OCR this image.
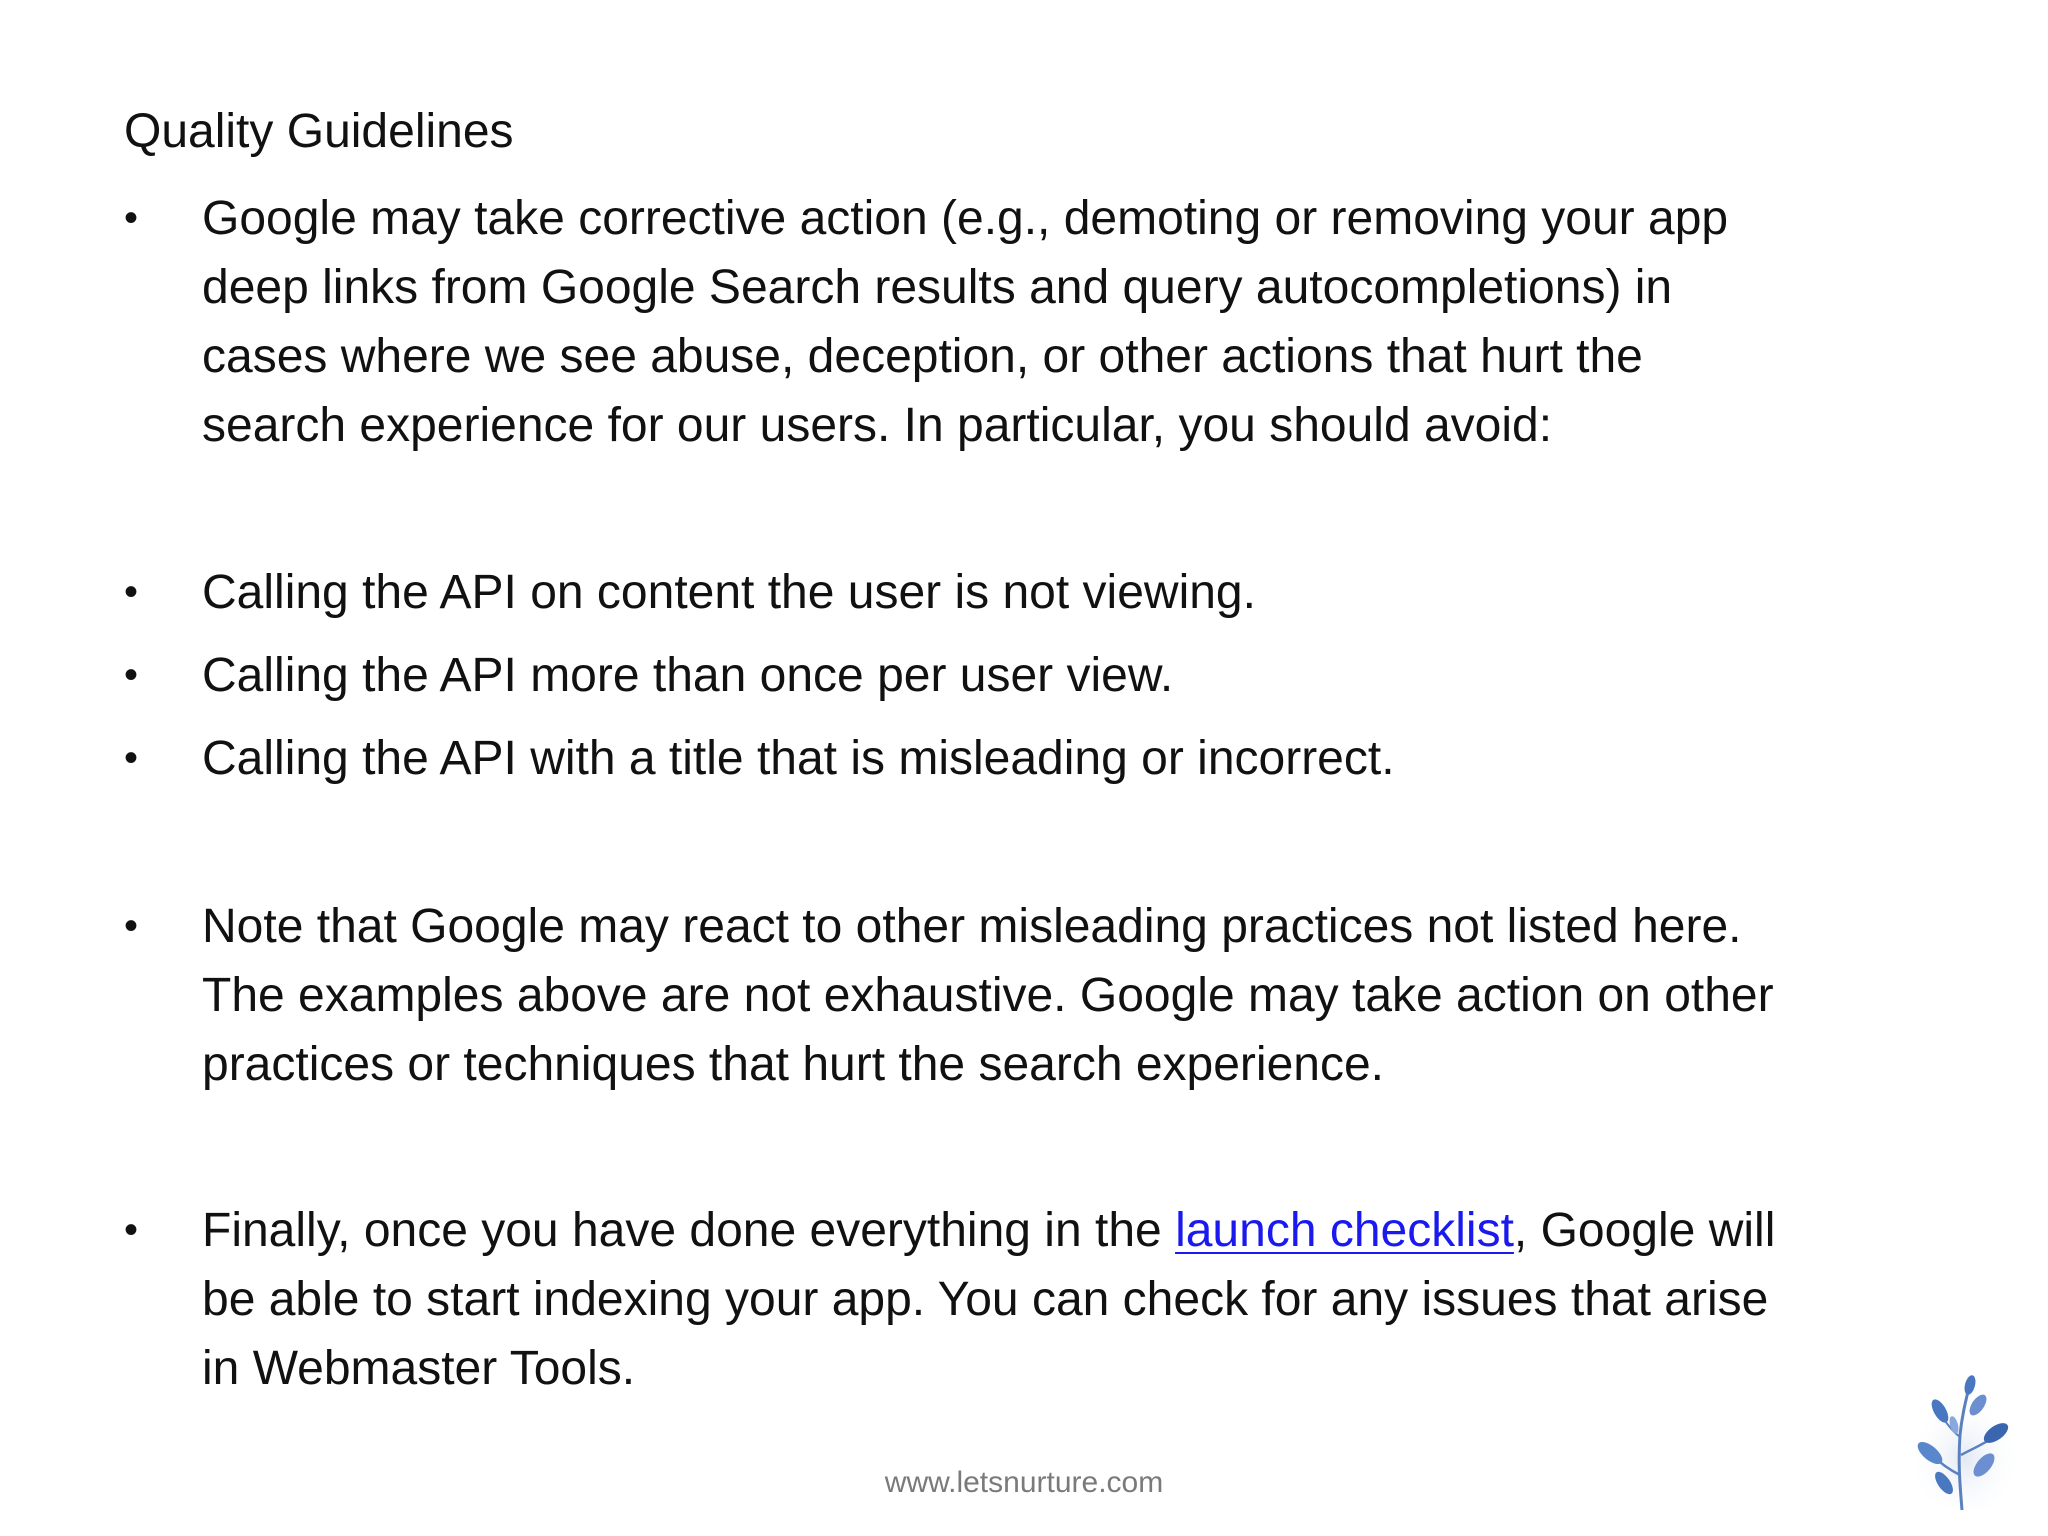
Quality Guidelines
•	Google may take corrective action (e.g., demoting or removing your app
deep links from Google Search results and query autocompletions) in
cases where we see abuse, deception, or other actions that hurt the
search experience for our users. In particular, you should avoid:
•	Calling the API on content the user is not viewing.
•	Calling the API more than once per user view.
•	Calling the API with a title that is misleading or incorrect.
•	Note that Google may react to other misleading practices not listed here.
The examples above are not exhaustive. Google may take action on other
practices or techniques that hurt the search experience.
•	Finally, once you have done everything in the launch checklist, Google will
be able to start indexing your app. You can check for any issues that arise
in Webmaster Tools.
www.letsnurture.com
